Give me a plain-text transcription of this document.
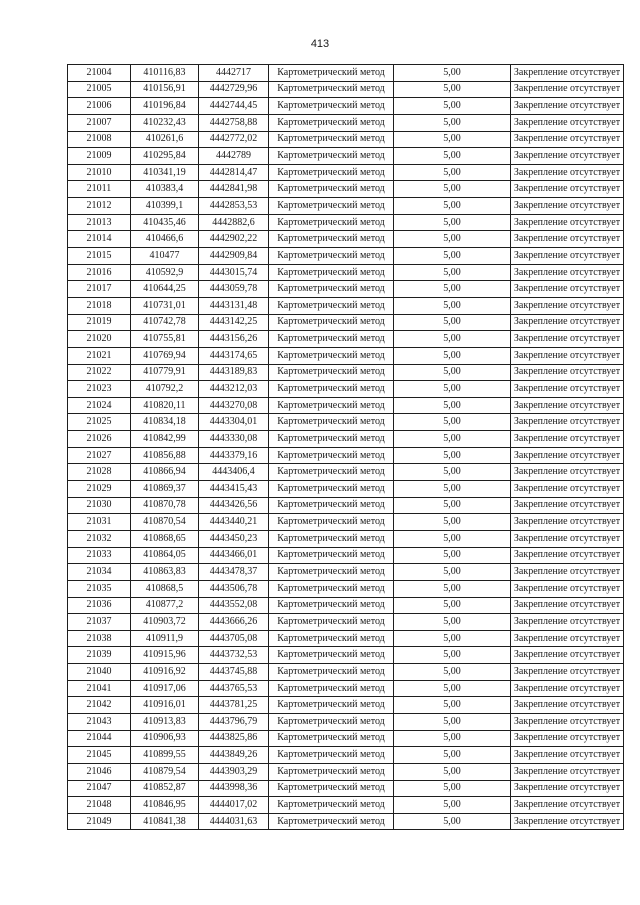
413
21004	410116,83	4442717	Картометрический метод	5,00	Закрепление отсутствует
21005	410156,91	4442729,96	Картометрический метод	5,00	Закрепление отсутствует
21006	410196,84	4442744,45	Картометрический метод	5,00	Закрепление отсутствует
21007	410232,43	4442758,88	Картометрический метод	5,00	Закрепление отсутствует
21008	410261,6	4442772,02	Картометрический метод	5,00	Закрепление отсутствует
21009	410295,84	4442789	Картометрический метод	5,00	Закрепление отсутствует
21010	410341,19	4442814,47	Картометрический метод	5,00	Закрепление отсутствует
21011	410383,4	4442841,98	Картометрический метод	5,00	Закрепление отсутствует
21012	410399,1	4442853,53	Картометрический метод	5,00	Закрепление отсутствует
21013	410435,46	4442882,6	Картометрический метод	5,00	Закрепление отсутствует
21014	410466,6	4442902,22	Картометрический метод	5,00	Закрепление отсутствует
21015	410477	4442909,84	Картометрический метод	5,00	Закрепление отсутствует
21016	410592,9	4443015,74	Картометрический метод	5,00	Закрепление отсутствует
21017	410644,25	4443059,78	Картометрический метод	5,00	Закрепление отсутствует
21018	410731,01	4443131,48	Картометрический метод	5,00	Закрепление отсутствует
21019	410742,78	4443142,25	Картометрический метод	5,00	Закрепление отсутствует
21020	410755,81	4443156,26	Картометрический метод	5,00	Закрепление отсутствует
21021	410769,94	4443174,65	Картометрический метод	5,00	Закрепление отсутствует
21022	410779,91	4443189,83	Картометрический метод	5,00	Закрепление отсутствует
21023	410792,2	4443212,03	Картометрический метод	5,00	Закрепление отсутствует
21024	410820,11	4443270,08	Картометрический метод	5,00	Закрепление отсутствует
21025	410834,18	4443304,01	Картометрический метод	5,00	Закрепление отсутствует
21026	410842,99	4443330,08	Картометрический метод	5,00	Закрепление отсутствует
21027	410856,88	4443379,16	Картометрический метод	5,00	Закрепление отсутствует
21028	410866,94	4443406,4	Картометрический метод	5,00	Закрепление отсутствует
21029	410869,37	4443415,43	Картометрический метод	5,00	Закрепление отсутствует
21030	410870,78	4443426,56	Картометрический метод	5,00	Закрепление отсутствует
21031	410870,54	4443440,21	Картометрический метод	5,00	Закрепление отсутствует
21032	410868,65	4443450,23	Картометрический метод	5,00	Закрепление отсутствует
21033	410864,05	4443466,01	Картометрический метод	5,00	Закрепление отсутствует
21034	410863,83	4443478,37	Картометрический метод	5,00	Закрепление отсутствует
21035	410868,5	4443506,78	Картометрический метод	5,00	Закрепление отсутствует
21036	410877,2	4443552,08	Картометрический метод	5,00	Закрепление отсутствует
21037	410903,72	4443666,26	Картометрический метод	5,00	Закрепление отсутствует
21038	410911,9	4443705,08	Картометрический метод	5,00	Закрепление отсутствует
21039	410915,96	4443732,53	Картометрический метод	5,00	Закрепление отсутствует
21040	410916,92	4443745,88	Картометрический метод	5,00	Закрепление отсутствует
21041	410917,06	4443765,53	Картометрический метод	5,00	Закрепление отсутствует
21042	410916,01	4443781,25	Картометрический метод	5,00	Закрепление отсутствует
21043	410913,83	4443796,79	Картометрический метод	5,00	Закрепление отсутствует
21044	410906,93	4443825,86	Картометрический метод	5,00	Закрепление отсутствует
21045	410899,55	4443849,26	Картометрический метод	5,00	Закрепление отсутствует
21046	410879,54	4443903,29	Картометрический метод	5,00	Закрепление отсутствует
21047	410852,87	4443998,36	Картометрический метод	5,00	Закрепление отсутствует
21048	410846,95	4444017,02	Картометрический метод	5,00	Закрепление отсутствует
21049	410841,38	4444031,63	Картометрический метод	5,00	Закрепление отсутствует
